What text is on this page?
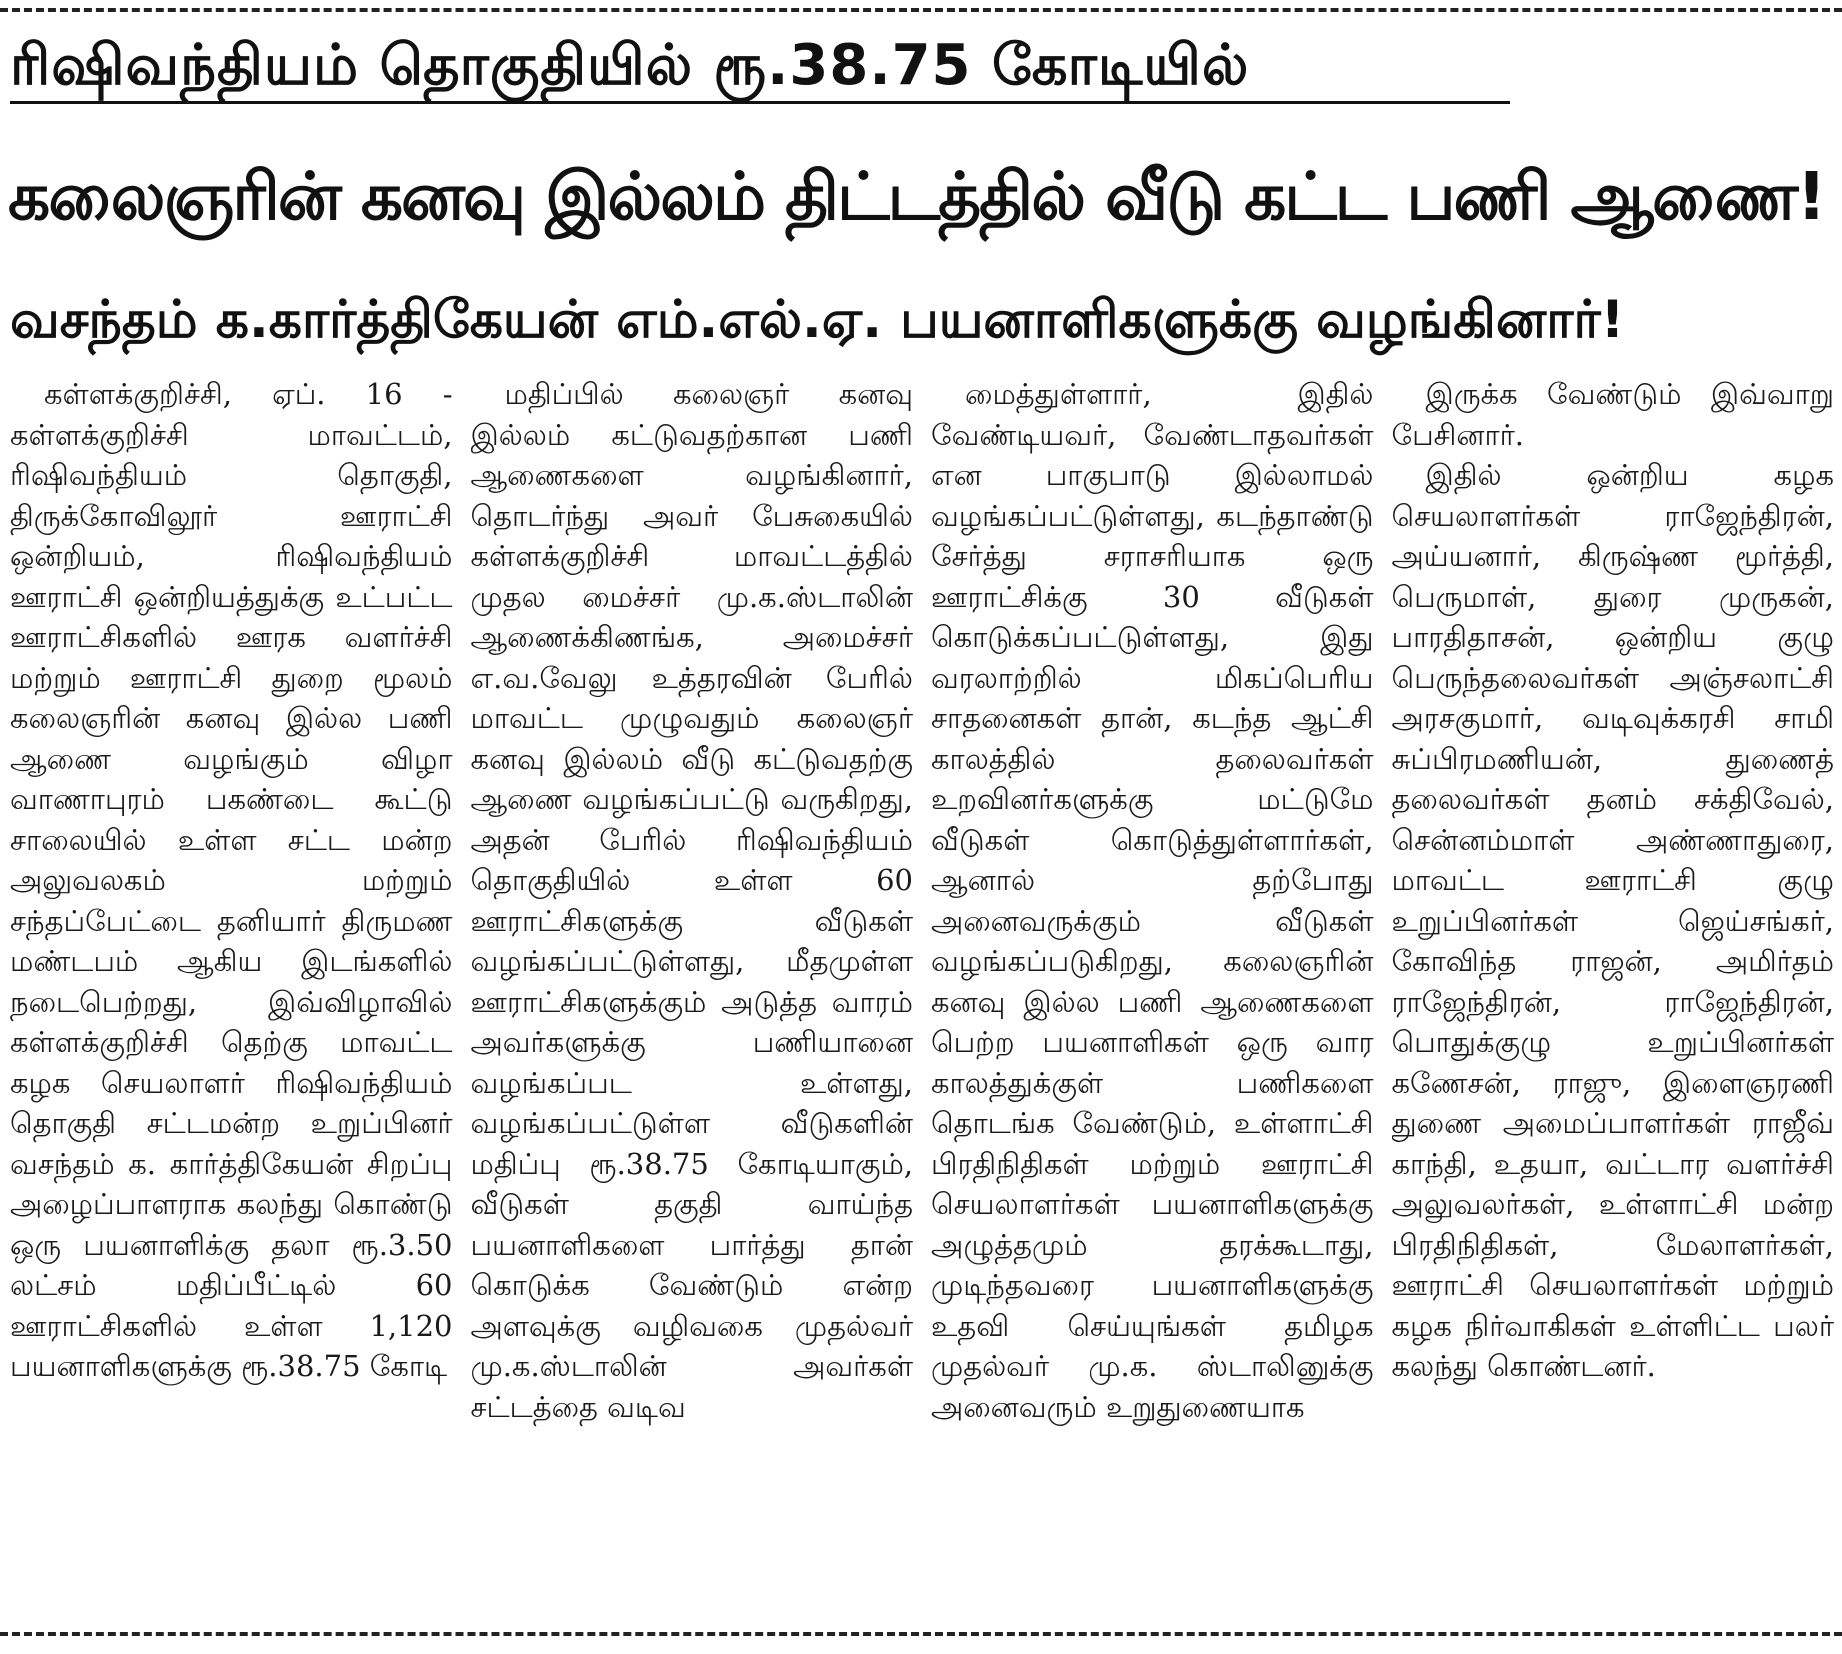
ரிஷிவந்தியம் தொகுதியில் ரூ.38.75 கோடியில்
கலைஞரின் கனவு இல்லம் திட்டத்தில் வீடு கட்ட பணி ஆணை!
வசந்தம் க.கார்த்திகேயன் எம்.எல்.ஏ. பயனாளிகளுக்கு வழங்கினார்!

கள்ளக்குறிச்சி, ஏப். 16 - கள்ளக்குறிச்சி மாவட்டம், ரிஷிவந்தியம் தொகுதி, திருக்கோவிலூர் ஊராட்சி ஒன்றியம், ரிஷிவந்தியம் ஊராட்சி ஒன்றியத்துக்கு உட்பட்ட ஊராட்சிகளில் ஊரக வளர்ச்சி மற்றும் ஊராட்சி துறை மூலம் கலைஞரின் கனவு இல்ல பணி ஆணை வழங்கும் விழா வாணாபுரம் பகண்டை கூட்டு சாலையில் உள்ள சட்ட மன்ற அலுவலகம் மற்றும் சந்தப்பேட்டை தனியார் திருமண மண்டபம் ஆகிய இடங்களில் நடைபெற்றது, இவ்விழாவில் கள்ளக்குறிச்சி தெற்கு மாவட்ட கழக செயலாளர் ரிஷிவந்தியம் தொகுதி சட்டமன்ற உறுப்பினர் வசந்தம் க. கார்த்திகேயன் சிறப்பு அழைப்பாளராக கலந்து கொண்டு ஒரு பயனாளிக்கு தலா ரூ.3.50 லட்சம் மதிப்பீட்டில் 60 ஊராட்சிகளில் உள்ள 1,120 பயனாளிகளுக்கு ரூ.38.75 கோடி

மதிப்பில் கலைஞர் கனவு இல்லம் கட்டுவதற்கான பணி ஆணைகளை வழங்கினார், தொடர்ந்து அவர் பேசுகையில் கள்ளக்குறிச்சி மாவட்டத்தில் முதல மைச்சர் மு.க.ஸ்டாலின் ஆணைக்கிணங்க, அமைச்சர் எ.வ.வேலு உத்தரவின் பேரில் மாவட்ட முழுவதும் கலைஞர் கனவு இல்லம் வீடு கட்டுவதற்கு ஆணை வழங்கப்பட்டு வருகிறது, அதன் பேரில் ரிஷிவந்தியம் தொகுதியில் உள்ள 60 ஊராட்சிகளுக்கு வீடுகள் வழங்கப்பட்டுள்ளது, மீதமுள்ள ஊராட்சிகளுக்கும் அடுத்த வாரம் அவர்களுக்கு பணியானை வழங்கப்பட உள்ளது, வழங்கப்பட்டுள்ள வீடுகளின் மதிப்பு ரூ.38.75 கோடியாகும், வீடுகள் தகுதி வாய்ந்த பயனாளிகளை பார்த்து தான் கொடுக்க வேண்டும் என்ற அளவுக்கு வழிவகை முதல்வர் மு.க.ஸ்டாலின் அவர்கள் சட்டத்தை வடிவ

மைத்துள்ளார், இதில் வேண்டியவர், வேண்டாதவர்கள் என பாகுபாடு இல்லாமல் வழங்கப்பட்டுள்ளது, கடந்தாண்டு சேர்த்து சராசரியாக ஒரு ஊராட்சிக்கு 30 வீடுகள் கொடுக்கப்பட்டுள்ளது, இது வரலாற்றில் மிகப்பெரிய சாதனைகள் தான், கடந்த ஆட்சி காலத்தில் தலைவர்கள் உறவினர்களுக்கு மட்டுமே வீடுகள் கொடுத்துள்ளார்கள், ஆனால் தற்போது அனைவருக்கும் வீடுகள் வழங்கப்படுகிறது, கலைஞரின் கனவு இல்ல பணி ஆணைகளை பெற்ற பயனாளிகள் ஒரு வார காலத்துக்குள் பணிகளை தொடங்க வேண்டும், உள்ளாட்சி பிரதிநிதிகள் மற்றும் ஊராட்சி செயலாளர்கள் பயனாளிகளுக்கு அழுத்தமும் தரக்கூடாது, முடிந்தவரை பயனாளிகளுக்கு உதவி செய்யுங்கள் தமிழக முதல்வர் மு.க. ஸ்டாலினுக்கு அனைவரும் உறுதுணையாக

இருக்க வேண்டும் இவ்வாறு பேசினார்.

இதில் ஒன்றிய கழக செயலாளர்கள் ராஜேந்திரன், அய்யனார், கிருஷ்ண மூர்த்தி, பெருமாள், துரை முருகன், பாரதிதாசன், ஒன்றிய குழு பெருந்தலைவர்கள் அஞ்சலாட்சி அரசகுமார், வடிவுக்கரசி சாமி சுப்பிரமணியன், துணைத் தலைவர்கள் தனம் சக்திவேல், சென்னம்மாள் அண்ணாதுரை, மாவட்ட ஊராட்சி குழு உறுப்பினர்கள் ஜெய்சங்கர், கோவிந்த ராஜன், அமிர்தம் ராஜேந்திரன், ராஜேந்திரன், பொதுக்குழு உறுப்பினர்கள் கணேசன், ராஜு, இளைஞரணி துணை அமைப்பாளர்கள் ராஜீவ் காந்தி, உதயா, வட்டார வளர்ச்சி அலுவலர்கள், உள்ளாட்சி மன்ற பிரதிநிதிகள், மேலாளர்கள், ஊராட்சி செயலாளர்கள் மற்றும் கழக நிர்வாகிகள் உள்ளிட்ட பலர் கலந்து கொண்டனர்.
